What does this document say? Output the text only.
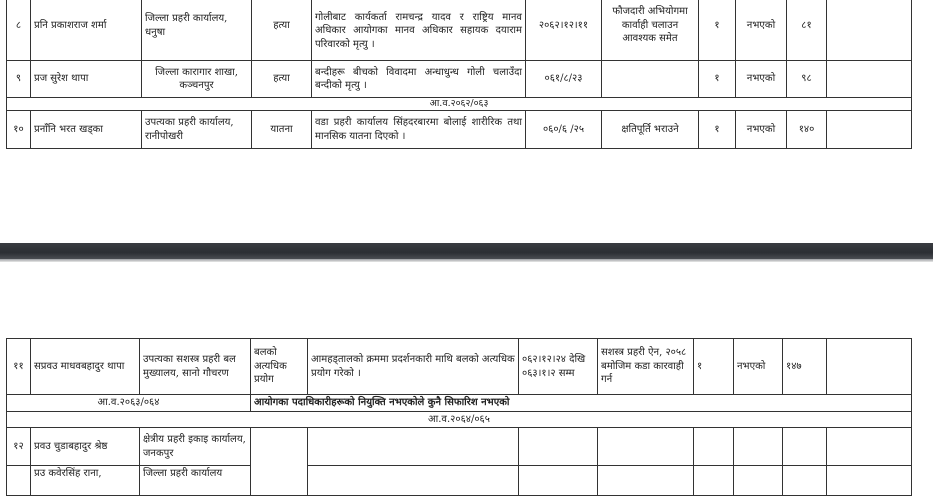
८	प्रनि प्रकाशराज शर्मा	जिल्ला प्रहरी कार्यालय, धनुषा	हत्या	गोलीबाट कार्यकर्ता रामचन्द्र यादव र राष्ट्रिय मानव अधिकार आयोगका मानव अधिकार सहायक दयाराम परिवारको मृत्यु ।	२०६२।१२।११	फौजदारी अभियोगमा कार्वाही चलाउन आवश्यक समेत	१	नभएको	८१	
९	प्रज सुरेश थापा	जिल्ला कारागार शाखा, कञ्चनपुर	हत्या	बन्दीहरू बीचको विवादमा अन्धाधुन्ध गोली चलाउँदा बन्दीको मृत्यु ।	०६१/८/२३		१	नभएको	९८	
आ.व.२०६२/०६३										
१०	प्रनाँनि भरत खड्का	उपत्यका प्रहरी कार्यालय, रानीपोखरी	यातना	वडा प्रहरी कार्यालय सिंहदरबारमा बोलाई शारीरिक तथा मानसिक यातना दिएको ।	०६०/६ /२५	क्षतिपूर्ति भराउने	१	नभएको	१४०	
११	सप्रवउ माधवबहादुर थापा	उपत्यका सशस्त्र प्रहरी बल मुख्यालय, सानो गौचरण	बलको अत्यधिक प्रयोग	आमहड्तालको क्रममा प्रदर्शनकारी माथि बलको अत्यधिक प्रयोग गरेको ।	०६२।१२।२४ देखि ०६३।१।२ सम्म	सशस्त्र प्रहरी ऐन, २०५८ बमोजिम कडा कारवाही गर्न	१	नभएको	१४७	
आ.व.२०६३/०६४			आयोगका पदाधिकारीहरूको नियुक्ति नभएकोले कुनै सिफारिश नभएको							
आ.व.२०६४/०६५										
१२	प्रवउ चुडाबहादुर श्रेष्ठ	क्षेत्रीय प्रहरी इकाइ कार्यालय, जनकपुर								
	प्रउ कवेरसिंह राना,	जिल्ला प्रहरी कार्यालय								
